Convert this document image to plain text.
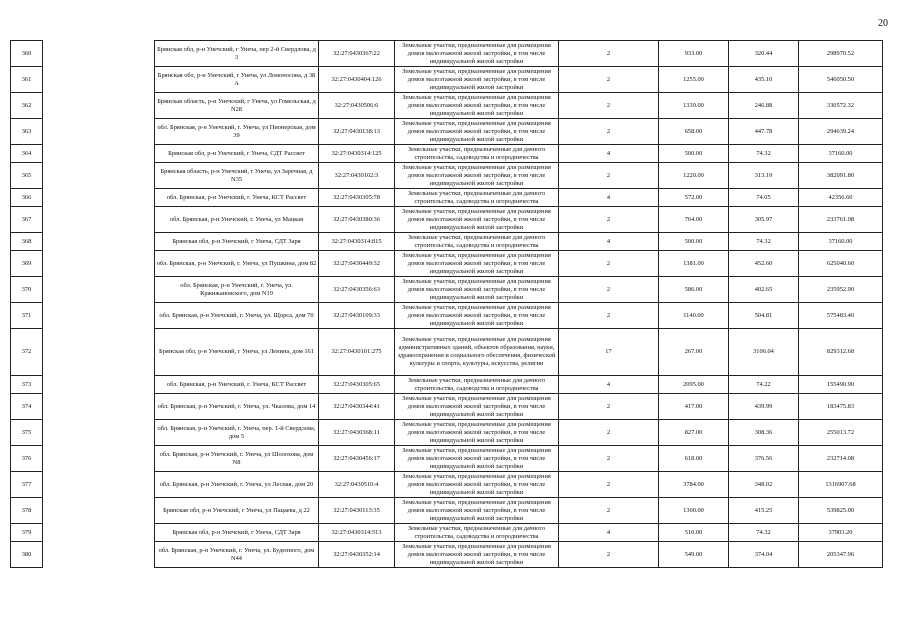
20
360		Брянская обл, р-н Унечский, г Унеча, пер 2-й Свердлова, д 3	32:27:0430367:22	Земельные участки, предназначенные для размещения домов малоэтажной жилой застройки, в том числе индивидуальной жилой застройки	2	933.00	320.44	298970.52
361		Брянская обл, р-н Унечский, г Унеча, ул Ломоносова, д 38 А	32:27:0430404:126	Земельные участки, предназначенные для размещения домов малоэтажной жилой застройки, в том числе индивидуальной жилой застройки	2	1255.00	435.10	546050.50
362		Брянская область, р-н Унечский, г Унеча, ул Гомельская, д N28	32:27:0430506:6	Земельные участки, предназначенные для размещения домов малоэтажной жилой застройки, в том числе индивидуальной жилой застройки	2	1339.00	246.88	330572.32
363		обл. Брянская, р-н Унечский, г. Унеча, ул Пионерская, дом 39	32:27:0430138:13	Земельные участки, предназначенные для размещения домов малоэтажной жилой застройки, в том числе индивидуальной жилой застройки	2	658.00	447.78	294639.24
364		Брянская обл, р-н Унечский, г Унеча, СДТ Рассвет	32:27:0430314:125	Земельные участки, предназначенные для дачного строительства, садоводства и огородничества	4	500.00	74.32	37160.00
365		Брянская область, р-н Унечский, г Унеча, ул Заречная, д N35	32:27:0430102:3	Земельные участки, предназначенные для размещения домов малоэтажной жилой застройки, в том числе индивидуальной жилой застройки	2	1220.00	313.19	382091.80
366		обл. Брянская, р-н Унечский, г. Унеча, КСТ Рассвет	32:27:0430305:78	Земельные участки, предназначенные для дачного строительства, садоводства и огородничества	4	572.00	74.05	42356.60
367		обл. Брянская, р-н Унечский, г. Унеча, ул Мацкая	32:27:0430380:36	Земельные участки, предназначенные для размещения домов малоэтажной жилой застройки, в том числе индивидуальной жилой застройки	2	764.00	305.97	233761.08
368		Брянская обл, р-н Унечский, г Унеча, СДТ Заря	32:27:0430314:815	Земельные участки, предназначенные для дачного строительства, садоводства и огородничества	4	500.00	74.32	37160.00
369		обл. Брянская, р-н Унечский, г. Унеча, ул Пушкина, дом 82	32:27:0430449:32	Земельные участки, предназначенные для размещения домов малоэтажной жилой застройки, в том числе индивидуальной жилой застройки	2	1381.00	452.60	625040.60
370		обл. Брянская, р-н Унечский, г. Унеча, ул. Кржижановского, дом N19	32:27:0430356:63	Земельные участки, предназначенные для размещения домов малоэтажной жилой застройки, в том числе индивидуальной жилой застройки	2	586.00	402.65	235952.90
371		обл. Брянская, р-н Унечский, г. Унеча, ул. Щорса, дом 70	32:27:0430109:33	Земельные участки, предназначенные для размещения домов малоэтажной жилой застройки, в том числе индивидуальной жилой застройки	2	1140.00	504.81	575483.40
372		Брянская обл, р-н Унечский, г Унеча, ул Ленина, дом 161	32:27:0430101:275	Земельные участки, предназначенные для размещения административных зданий, объектов образования, науки, здравоохранения и социального обеспечения, физической культуры и спорта, культуры, искусства, религии	17	267.00	3106.04	829312.68
373		обл. Брянская, р-н Унечский, г. Унеча, КСТ Рассвет	32:27:0430305:65	Земельные участки, предназначенные для дачного строительства, садоводства и огородничества	4	2095.00	74.22	155490.90
374		обл. Брянская, р-н Унечский, г. Унеча, ул. Чкалова, дом 14	32:27:0430344:41	Земельные участки, предназначенные для размещения домов малоэтажной жилой застройки, в том числе индивидуальной жилой застройки	2	417.00	439.99	183475.83
375		обл. Брянская, р-н Унечский, г. Унеча, пер. 1-й Свердлова, дом 5	32:27:0430368:11	Земельные участки, предназначенные для размещения домов малоэтажной жилой застройки, в том числе индивидуальной жилой застройки	2	827.00	308.36	255013.72
376		обл. Брянская, р-н Унечский, г. Унеча, ул Шолохова, дом N8	32:27:0430456:17	Земельные участки, предназначенные для размещения домов малоэтажной жилой застройки, в том числе индивидуальной жилой застройки	2	618.00	376.56	232714.08
377		обл. Брянская, р-н Унечский, г. Унеча, ул Лесная, дом 20	32:27:0430510:4	Земельные участки, предназначенные для размещения домов малоэтажной жилой застройки, в том числе индивидуальной жилой застройки	2	3784.00	348.02	1316907.68
378		Брянская обл, р-н Унечский, г Унеча, ул Пацаева, д 22	32:27:0430113:35	Земельные участки, предназначенные для размещения домов малоэтажной жилой застройки, в том числе индивидуальной жилой застройки	2	1300.00	415.25	539825.00
379		Брянская обл, р-н Унечский, г Унеча, СДТ Заря	32:27:0430314:513	Земельные участки, предназначенные для дачного строительства, садоводства и огородничества	4	510.00	74.32	37903.20
380		обл. Брянская, р-н Унечский, г. Унеча, ул. Буденного, дом N44	32:27:0430352:14	Земельные участки, предназначенные для размещения домов малоэтажной жилой застройки, в том числе индивидуальной жилой застройки	2	549.00	374.04	205347.96
